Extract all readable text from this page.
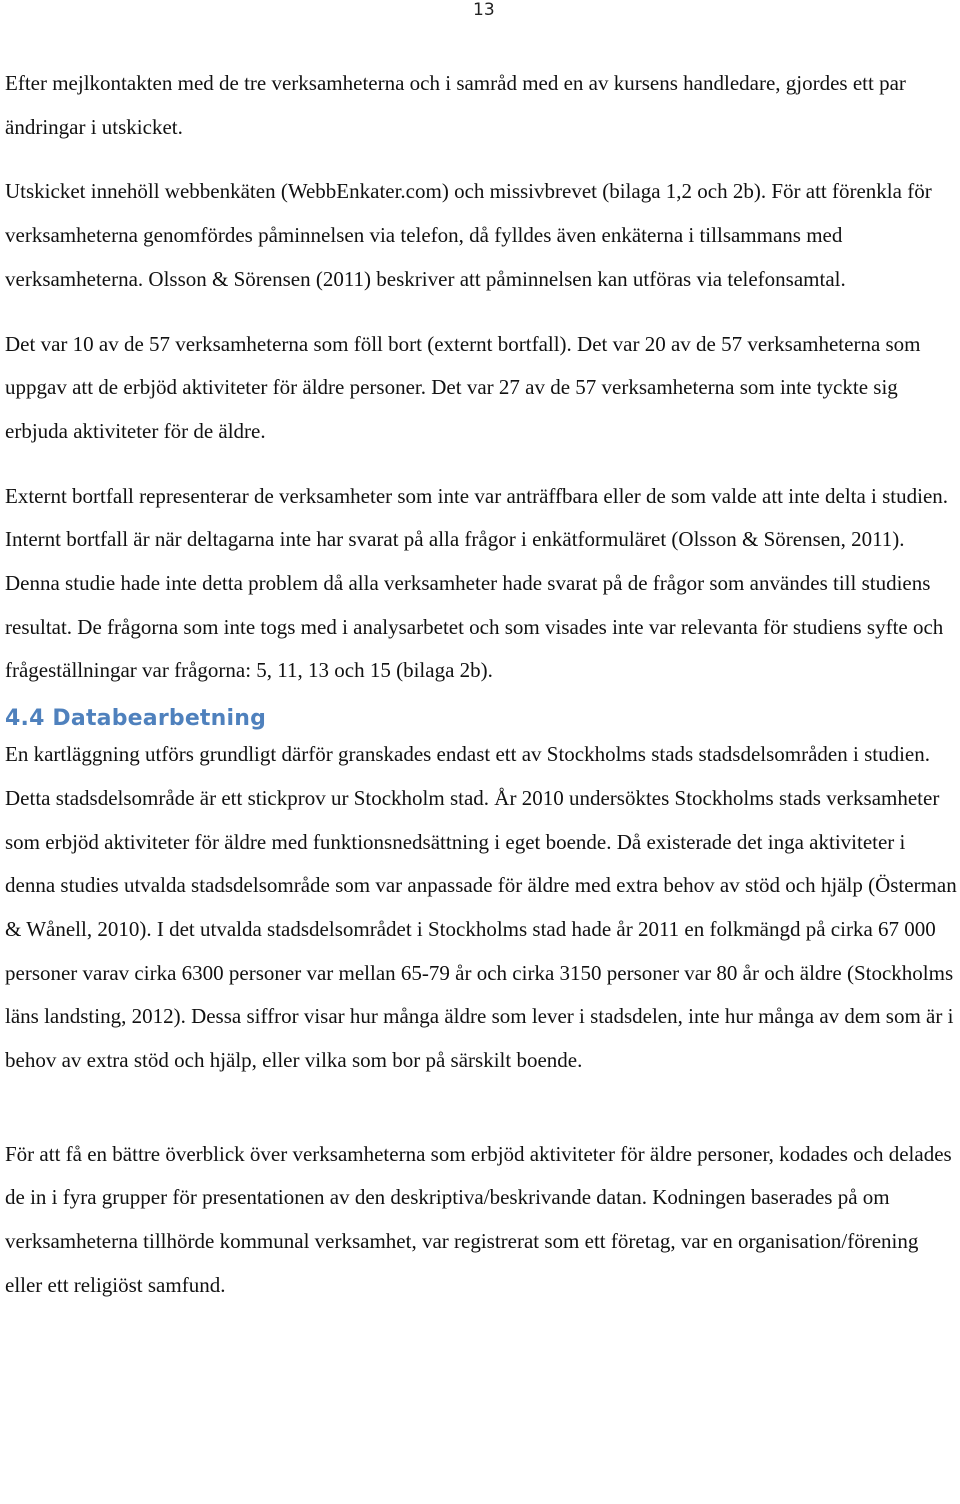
13

Efter mejlkontakten med de tre verksamheterna och i samråd med en av kursens handledare, gjordes ett par ändringar i utskicket.

Utskicket innehöll webbenkäten (WebbEnkater.com) och missivbrevet (bilaga 1,2 och 2b). För att förenkla för verksamheterna genomfördes påminnelsen via telefon, då fylldes även enkäterna i tillsammans med verksamheterna. Olsson & Sörensen (2011) beskriver att påminnelsen kan utföras via telefonsamtal.

Det var 10 av de 57 verksamheterna som föll bort (externt bortfall). Det var 20 av de 57 verksamheterna som uppgav att de erbjöd aktiviteter för äldre personer. Det var 27 av de 57 verksamheterna som inte tyckte sig erbjuda aktiviteter för de äldre.

Externt bortfall representerar de verksamheter som inte var anträffbara eller de som valde att inte delta i studien. Internt bortfall är när deltagarna inte har svarat på alla frågor i enkätformuläret (Olsson & Sörensen, 2011). Denna studie hade inte detta problem då alla verksamheter hade svarat på de frågor som användes till studiens resultat. De frågorna som inte togs med i analysarbetet och som visades inte var relevanta för studiens syfte och frågeställningar var frågorna: 5, 11, 13 och 15 (bilaga 2b).

4.4 Databearbetning

En kartläggning utförs grundligt därför granskades endast ett av Stockholms stads stadsdelsområden i studien. Detta stadsdelsområde är ett stickprov ur Stockholm stad. År 2010 undersöktes Stockholms stads verksamheter som erbjöd aktiviteter för äldre med funktionsnedsättning i eget boende. Då existerade det inga aktiviteter i denna studies utvalda stadsdelsområde som var anpassade för äldre med extra behov av stöd och hjälp (Österman & Wånell, 2010). I det utvalda stadsdelsområdet i Stockholms stad hade år 2011 en folkmängd på cirka 67 000 personer varav cirka 6300 personer var mellan 65-79 år och cirka 3150 personer var 80 år och äldre (Stockholms läns landsting, 2012). Dessa siffror visar hur många äldre som lever i stadsdelen, inte hur många av dem som är i behov av extra stöd och hjälp, eller vilka som bor på särskilt boende.

För att få en bättre överblick över verksamheterna som erbjöd aktiviteter för äldre personer, kodades och delades de in i fyra grupper för presentationen av den deskriptiva/beskrivande datan. Kodningen baserades på om verksamheterna tillhörde kommunal verksamhet, var registrerat som ett företag, var en organisation/förening eller ett religiöst samfund.
